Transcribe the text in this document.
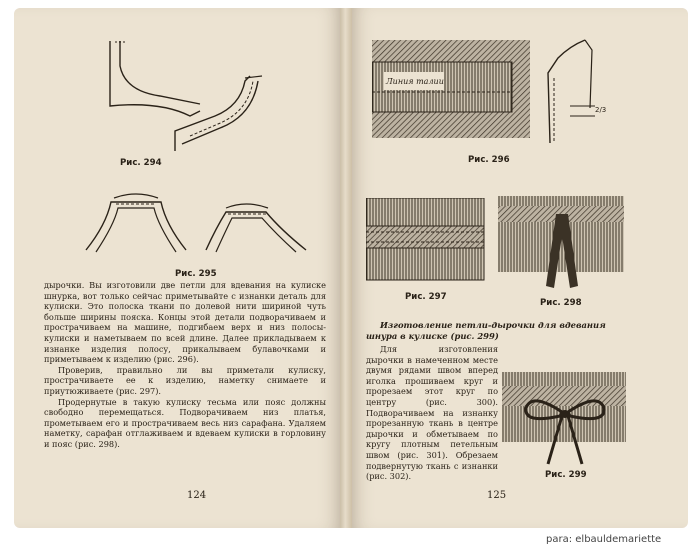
Рис. 294
Рис. 295

дырочки. Вы изготовили две петли для вдевания на кулиске шнурка, вот только сейчас приметывайте с изнанки деталь для кулиски. Это полоска ткани по долевой нити шириной чуть больше ширины пояска. Концы этой детали подворачиваем и прострачиваем на машине, подгибаем верх и низ полосы-кулиски и наметываем по всей длине. Далее прикладываем к изнанке изделия полосу, прикалываем булавочками и приметываем к изделию (рис. 296).

Проверив, правильно ли вы приметали кулиску, прострачиваете ее к изделию, наметку снимаете и приутюживаете (рис. 297).

Продернутые в такую кулиску тесьма или пояс должны свободно перемещаться. Подворачиваем низ платья, прометываем его и прострачиваем весь низ сарафана. Удаляем наметку, сарафан отглаживаем и вдеваем кулиски в горловину и пояс (рис. 298).

124
Линия талии
2/3
Рис. 296
Рис. 297
Рис. 298
Изготовление петли-дырочки для вдевания шнура в кулиске (рис. 299)

Для изготовления дырочки в намеченном месте двумя рядами швом вперед иголка прошиваем круг и прорезаем этот круг по центру (рис. 300). Подворачиваем на изнанку прорезанную ткань в центре дырочки и обметываем по кругу плотным петельным швом (рис. 301). Обрезаем подвернутую ткань с изнанки (рис. 302).	Рис. 299
125
para: elbauldemariette
